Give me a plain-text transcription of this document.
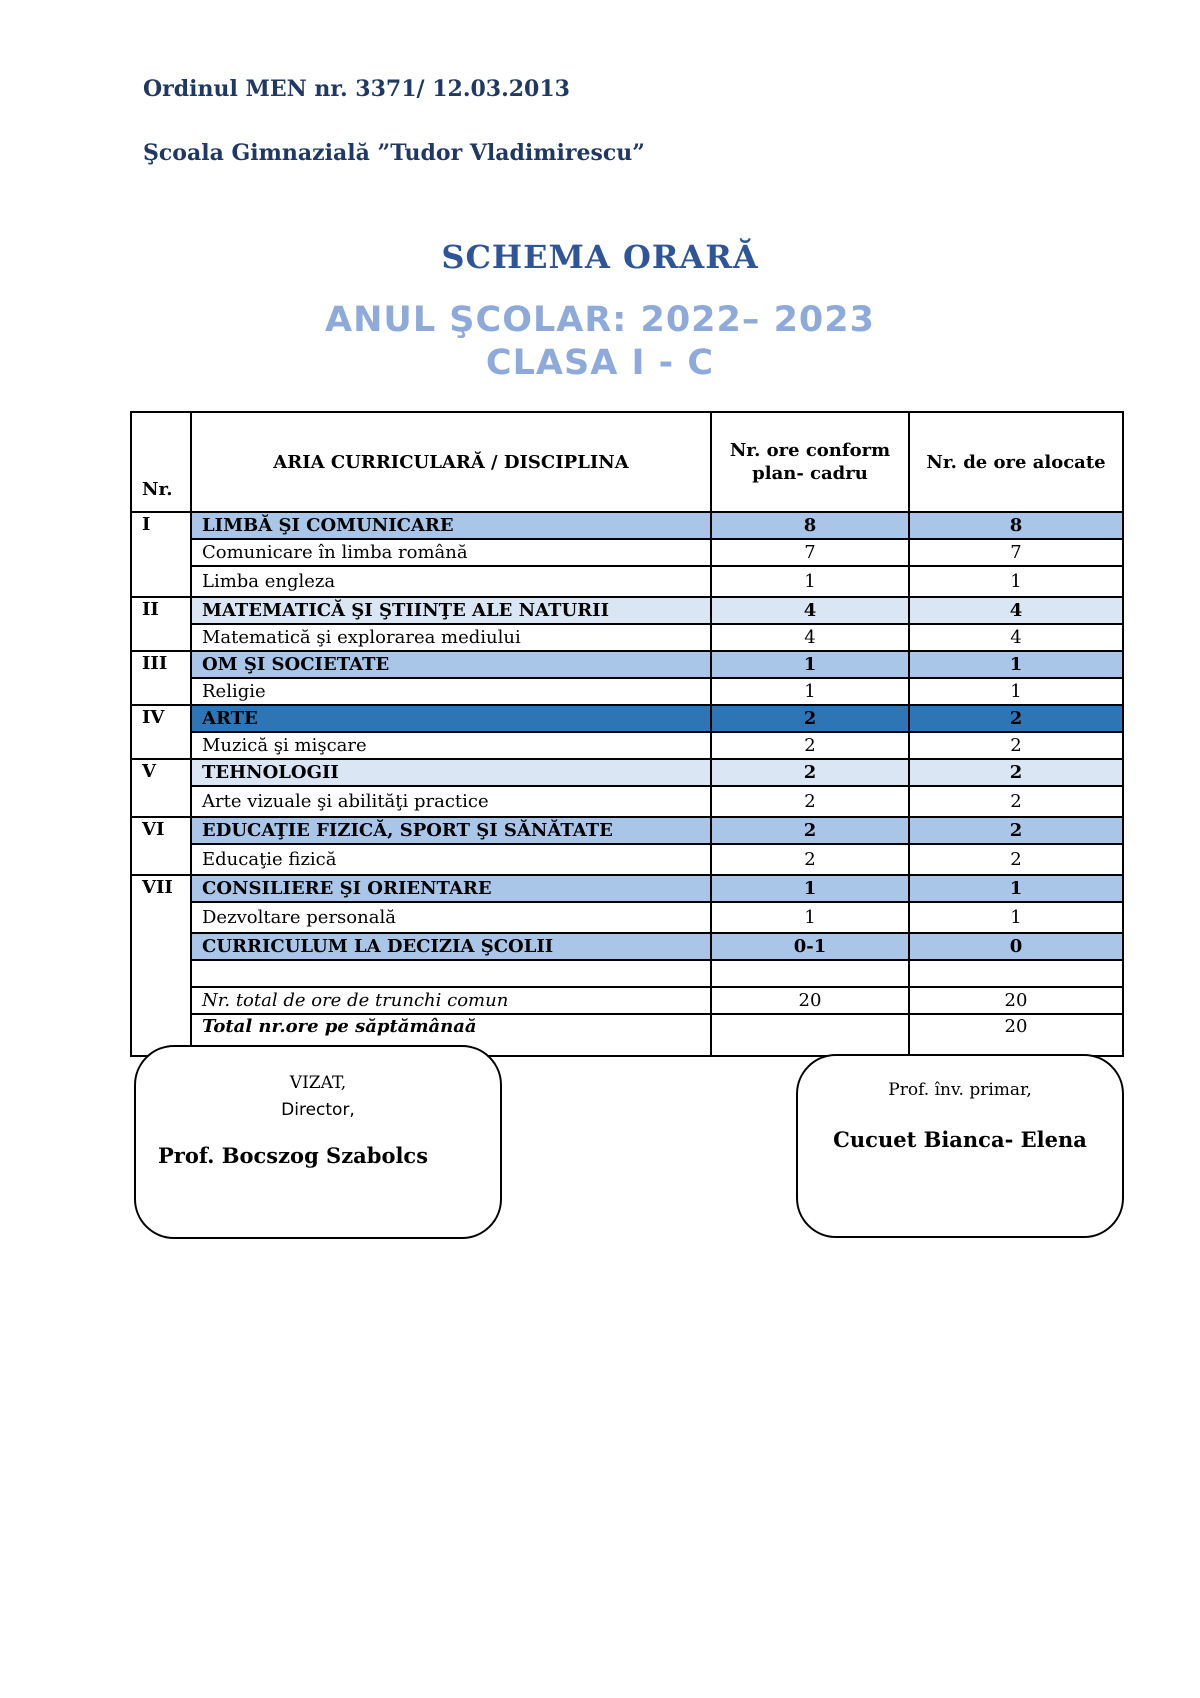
Ordinul MEN nr. 3371/ 12.03.2013
Şcoala Gimnazială ”Tudor Vladimirescu”
SCHEMA ORARĂ
ANUL ŞCOLAR: 2022– 2023
CLASA I - C
Nr.	ARIA CURRICULARĂ / DISCIPLINA	Nr. ore conform plan- cadru	Nr. de ore alocate
I	LIMBĂ ŞI COMUNICARE	8	8
	Comunicare în limba română	7	7
	Limba engleza	1	1
II	MATEMATICĂ ŞI ŞTIINŢE ALE NATURII	4	4
	Matematică şi explorarea mediului	4	4
III	OM ŞI SOCIETATE	1	1
	Religie	1	1
IV	ARTE	2	2
	Muzică şi mişcare	2	2
V	TEHNOLOGII	2	2
	Arte vizuale şi abilităţi practice	2	2
VI	EDUCAŢIE FIZICĂ, SPORT ŞI SĂNĂTATE	2	2
	Educaţie fizică	2	2
VII	CONSILIERE ŞI ORIENTARE	1	1
	Dezvoltare personală	1	1
	CURRICULUM LA DECIZIA ŞCOLII	0-1	0

	Nr. total de ore de trunchi comun	20	20
	Total nr.ore pe săptămânaă		20
VIZAT,
Director,
Prof. Bocszog Szabolcs
Prof. înv. primar,
Cucuet Bianca- Elena
